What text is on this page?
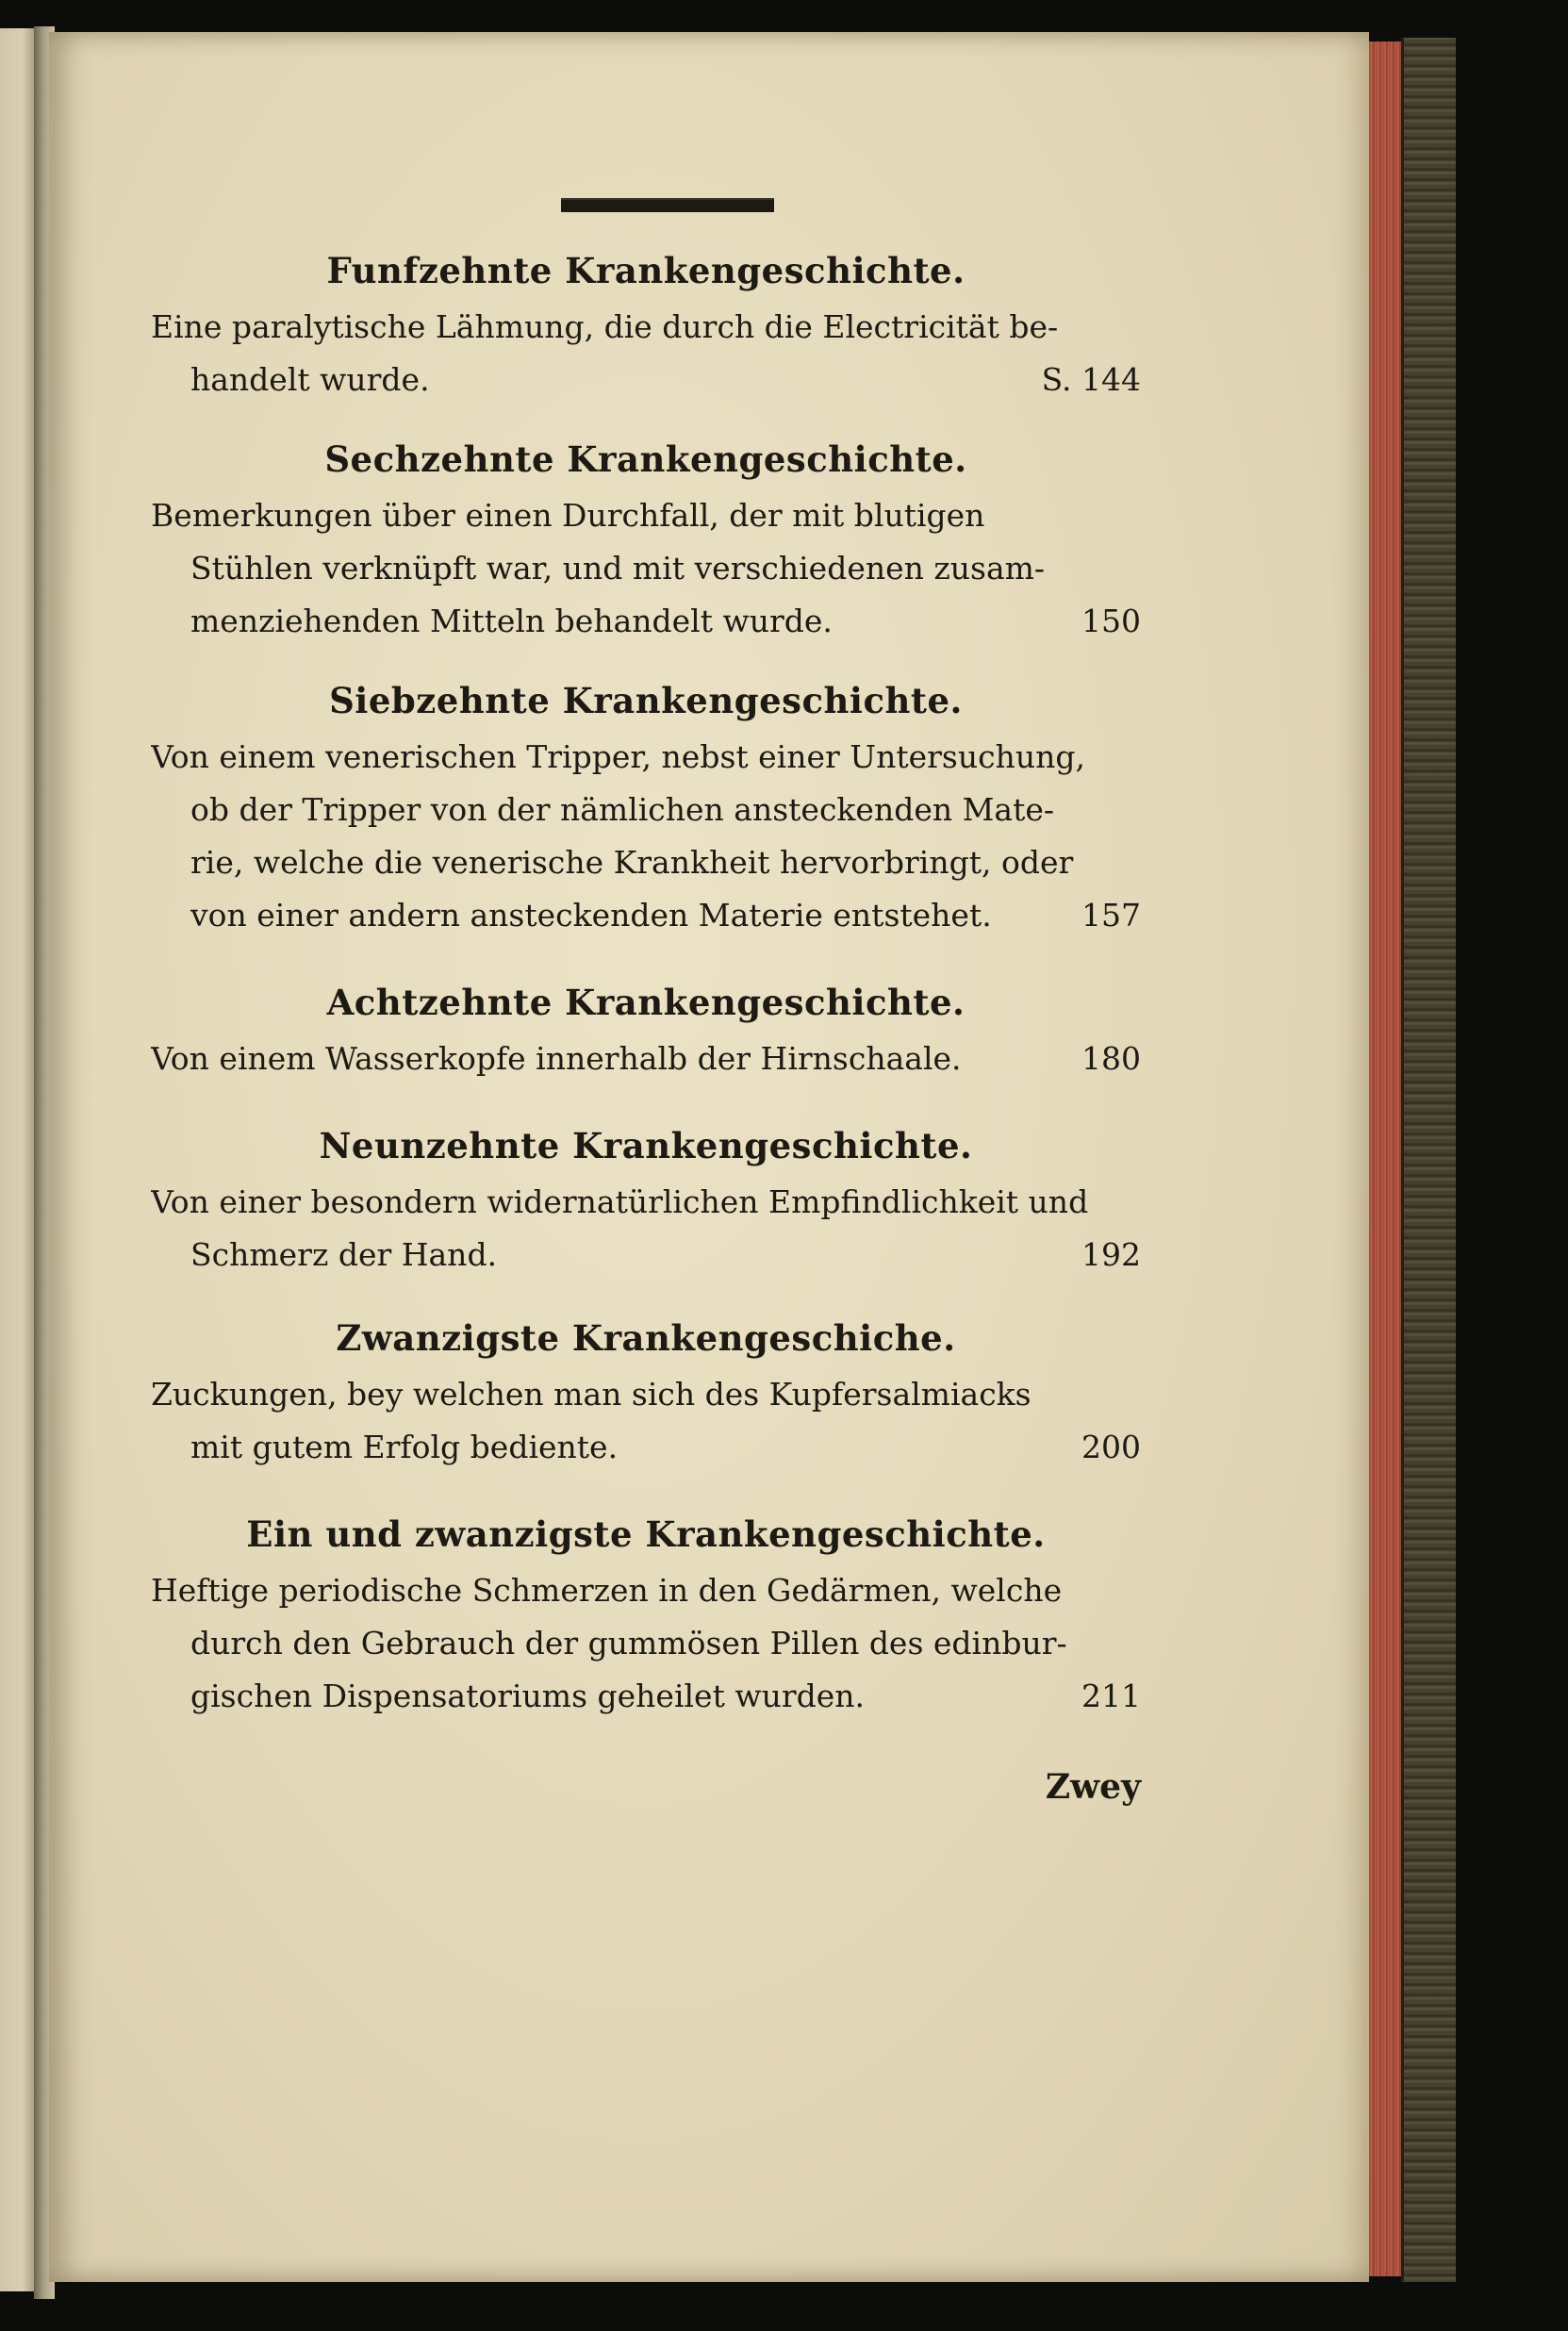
Funfzehnte Krankengeschichte.
Eine paralytische Lähmung, die durch die Electricität be-
handelt wurde.	S. 144
Sechzehnte Krankengeschichte.
Bemerkungen über einen Durchfall, der mit blutigen
Stühlen verknüpft war, und mit verschiedenen zusam-
menziehenden Mitteln behandelt wurde.	150
Siebzehnte Krankengeschichte.
Von einem venerischen Tripper, nebst einer Untersuchung,
ob der Tripper von der nämlichen ansteckenden Mate-
rie, welche die venerische Krankheit hervorbringt, oder
von einer andern ansteckenden Materie entstehet.	157
Achtzehnte Krankengeschichte.
Von einem Wasserkopfe innerhalb der Hirnschaale.	180
Neunzehnte Krankengeschichte.
Von einer besondern widernatürlichen Empfindlichkeit und
Schmerz der Hand.	192
Zwanzigste Krankengeschiche.
Zuckungen, bey welchen man sich des Kupfersalmiacks
mit gutem Erfolg bediente.	200
Ein und zwanzigste Krankengeschichte.
Heftige periodische Schmerzen in den Gedärmen, welche
durch den Gebrauch der gummösen Pillen des edinbur-
gischen Dispensatoriums geheilet wurden.	211
Zwey
